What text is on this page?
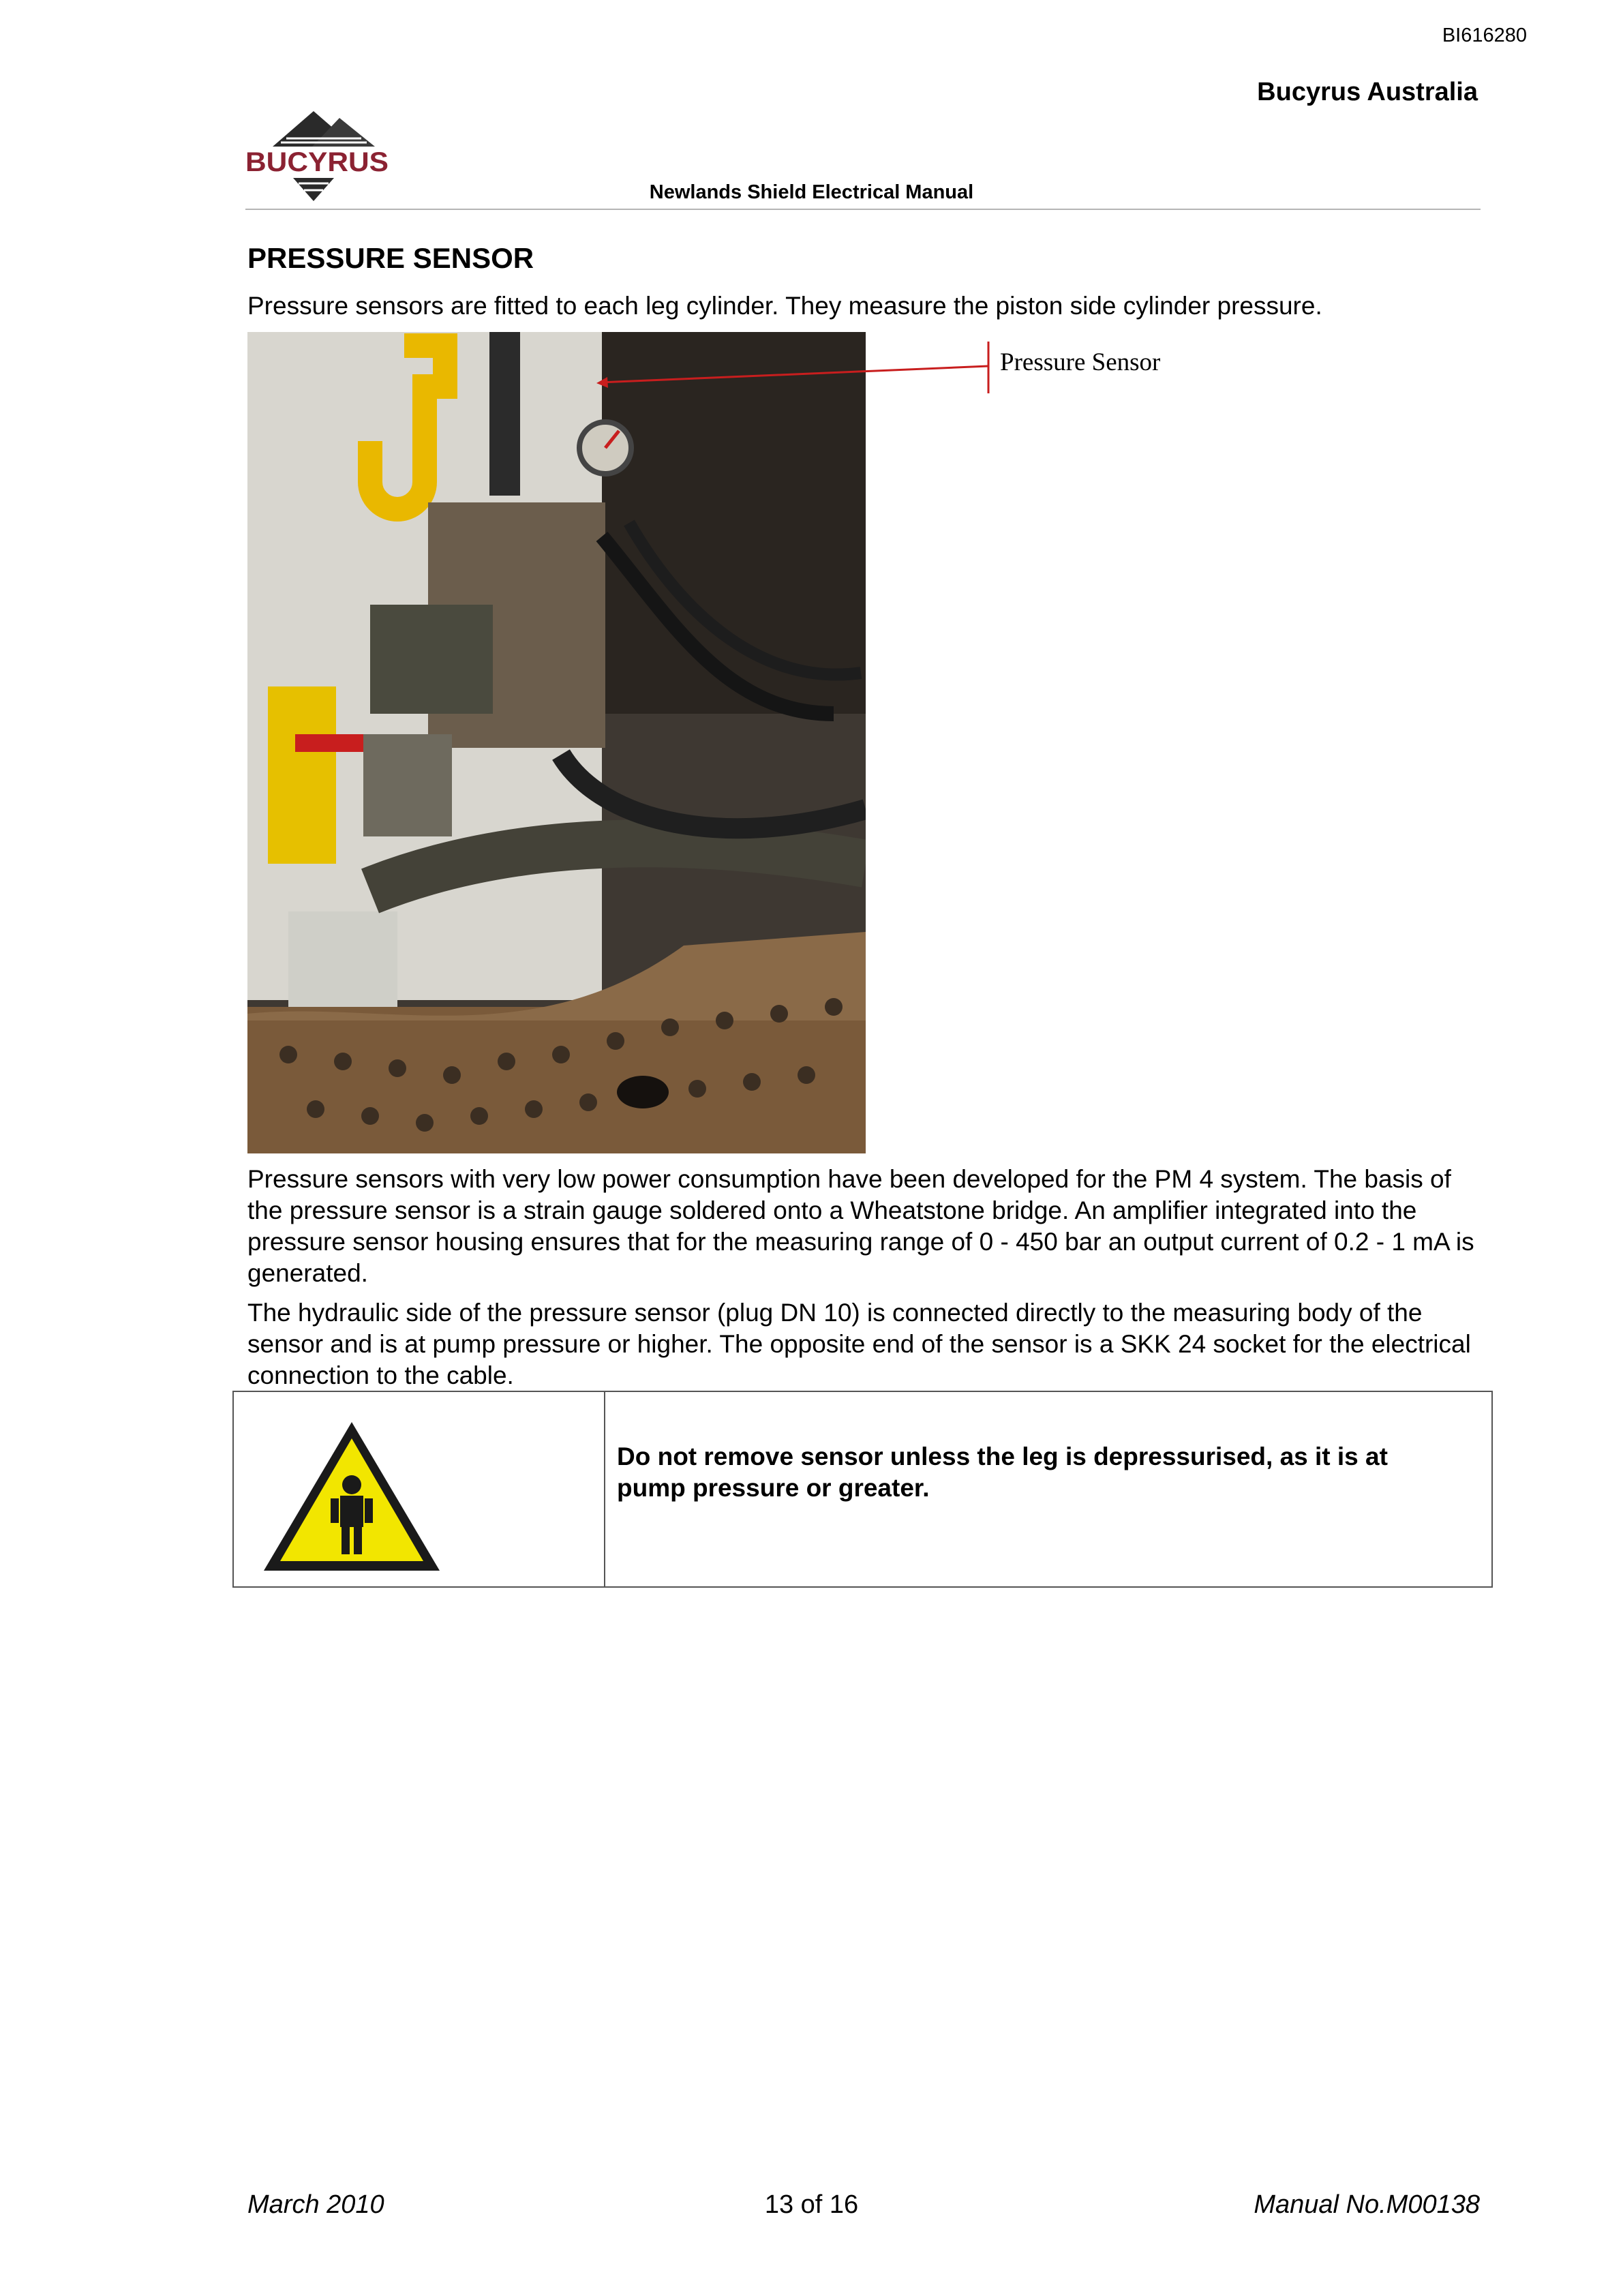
BI616280
Bucyrus Australia
BUCYRUS
Newlands Shield Electrical Manual
PRESSURE SENSOR
Pressure sensors are fitted to each leg cylinder. They measure the piston side cylinder pressure.
Pressure Sensor
Pressure sensors with very low power consumption have been developed for the PM 4 system. The basis of the pressure sensor is a strain gauge soldered onto a Wheatstone bridge. An amplifier integrated into the pressure sensor housing ensures that for the measuring range of 0 - 450 bar an output current of 0.2 - 1 mA is generated.
The hydraulic side of the pressure sensor (plug DN 10) is connected directly to the measuring body of the sensor and is at pump pressure or higher. The opposite end of the sensor is a SKK 24 socket for the electrical connection to the cable.
Do not remove sensor unless the leg is depressurised, as it is at pump pressure or greater.
March 2010	13 of 16	Manual No.M00138
